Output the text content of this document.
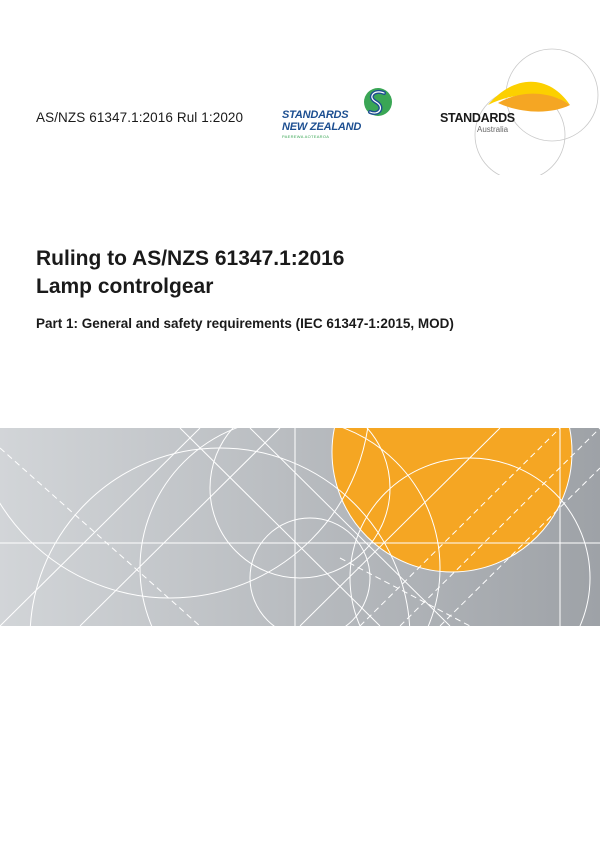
AS/NZS 61347.1:2016 Rul 1:2020	STANDARDS
NEW ZEALAND
PAEREWA AOTEAROA
STANDARDS
Australia
Ruling to AS/NZS 61347.1:2016
Lamp controlgear
Part 1: General and safety requirements (IEC 61347-1:2015, MOD)
